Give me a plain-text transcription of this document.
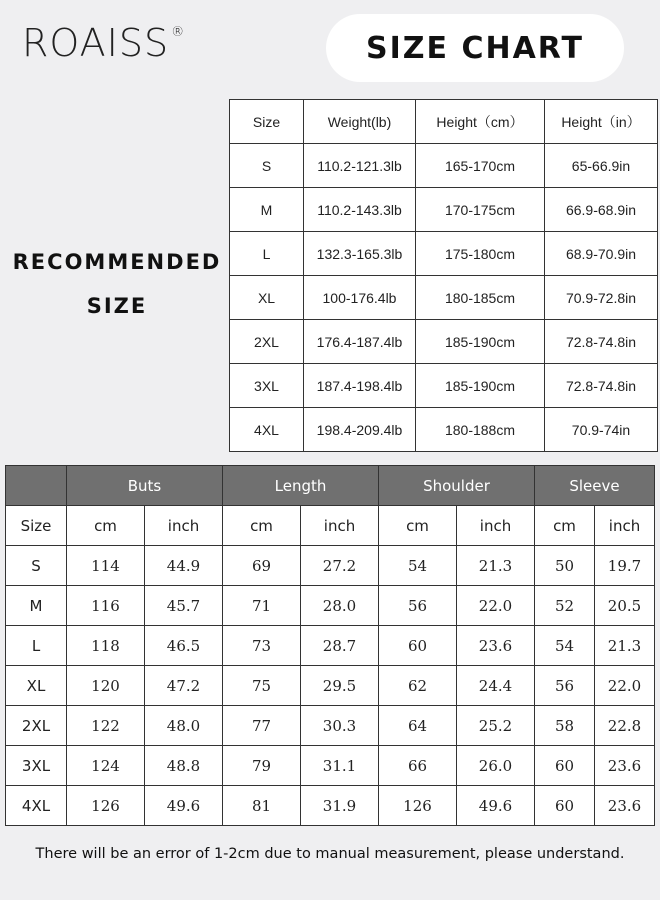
ROAISS ®	SIZE CHART
RECOMMENDED
SIZE
Size	Weight(lb)	Height（cm）	Height（in）
S	110.2-121.3lb	165-170cm	65-66.9in
M	110.2-143.3lb	170-175cm	66.9-68.9in
L	132.3-165.3lb	175-180cm	68.9-70.9in
XL	100-176.4lb	180-185cm	70.9-72.8in
2XL	176.4-187.4lb	185-190cm	72.8-74.8in
3XL	187.4-198.4lb	185-190cm	72.8-74.8in
4XL	198.4-209.4lb	180-188cm	70.9-74in
	Buts		Length		Shoulder		Sleeve	
Size	cm	inch	cm	inch	cm	inch	cm	inch
S	114	44.9	69	27.2	54	21.3	50	19.7
M	116	45.7	71	28.0	56	22.0	52	20.5
L	118	46.5	73	28.7	60	23.6	54	21.3
XL	120	47.2	75	29.5	62	24.4	56	22.0
2XL	122	48.0	77	30.3	64	25.2	58	22.8
3XL	124	48.8	79	31.1	66	26.0	60	23.6
4XL	126	49.6	81	31.9	126	49.6	60	23.6
There will be an error of 1-2cm due to manual measurement, please understand.
